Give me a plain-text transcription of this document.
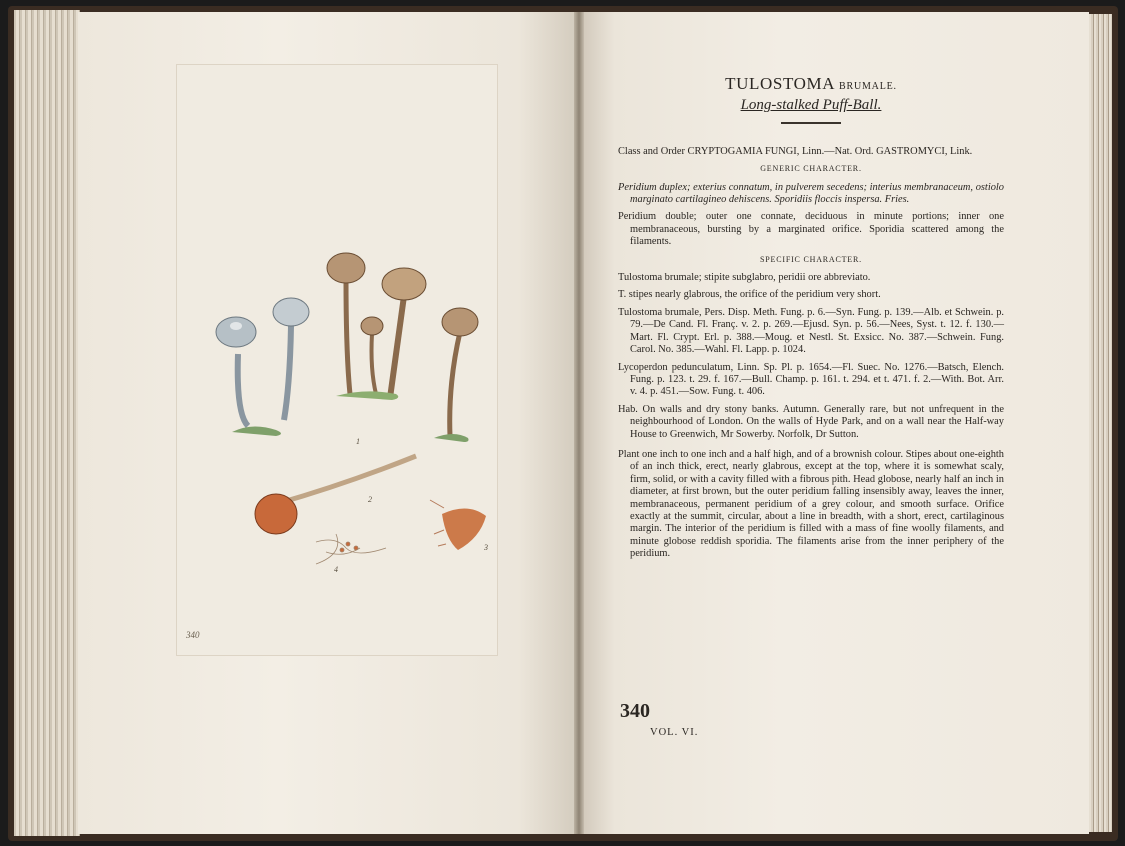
1
2
4
3
340
TULOSTOMA BRUMALE.
Long-stalked Puff-Ball.

Class and Order CRYPTOGAMIA FUNGI, Linn.—Nat. Ord. GASTROMYCI, Link.

GENERIC CHARACTER.

Peridium duplex; exterius connatum, in pulverem secedens; interius membranaceum, ostiolo marginato cartilagineo dehiscens. Sporidiis floccis inspersa. Fries.

Peridium double; outer one connate, deciduous in minute portions; inner one membranaceous, bursting by a marginated orifice. Sporidia scattered among the filaments.

SPECIFIC CHARACTER.

Tulostoma brumale; stipite subglabro, peridii ore abbreviato.

T. stipes nearly glabrous, the orifice of the peridium very short.

Tulostoma brumale, Pers. Disp. Meth. Fung. p. 6.—Syn. Fung. p. 139.—Alb. et Schwein. p. 79.—De Cand. Fl. Franç. v. 2. p. 269.—Ejusd. Syn. p. 56.—Nees, Syst. t. 12. f. 130.—Mart. Fl. Crypt. Erl. p. 388.—Moug. et Nestl. St. Exsicc. No. 387.—Schwein. Fung. Carol. No. 385.—Wahl. Fl. Lapp. p. 1024.

Lycoperdon pedunculatum, Linn. Sp. Pl. p. 1654.—Fl. Suec. No. 1276.—Batsch, Elench. Fung. p. 123. t. 29. f. 167.—Bull. Champ. p. 161. t. 294. et t. 471. f. 2.—With. Bot. Arr. v. 4. p. 451.—Sow. Fung. t. 406.

Hab. On walls and dry stony banks. Autumn. Generally rare, but not unfrequent in the neighbourhood of London. On the walls of Hyde Park, and on a wall near the Half-way House to Greenwich, Mr Sowerby. Norfolk, Dr Sutton.

Plant one inch to one inch and a half high, and of a brownish colour. Stipes about one-eighth of an inch thick, erect, nearly glabrous, except at the top, where it is somewhat scaly, firm, solid, or with a cavity filled with a fibrous pith. Head globose, nearly half an inch in diameter, at first brown, but the outer peridium falling insensibly away, leaves the inner, membranaceous, permanent peridium of a grey colour, and smooth surface. Orifice exactly at the summit, circular, about a line in breadth, with a short, erect, cartilaginous margin. The interior of the peridium is filled with a mass of fine woolly filaments, and minute globose reddish sporidia. The filaments arise from the inner periphery of the peridium.

340
VOL. VI.
